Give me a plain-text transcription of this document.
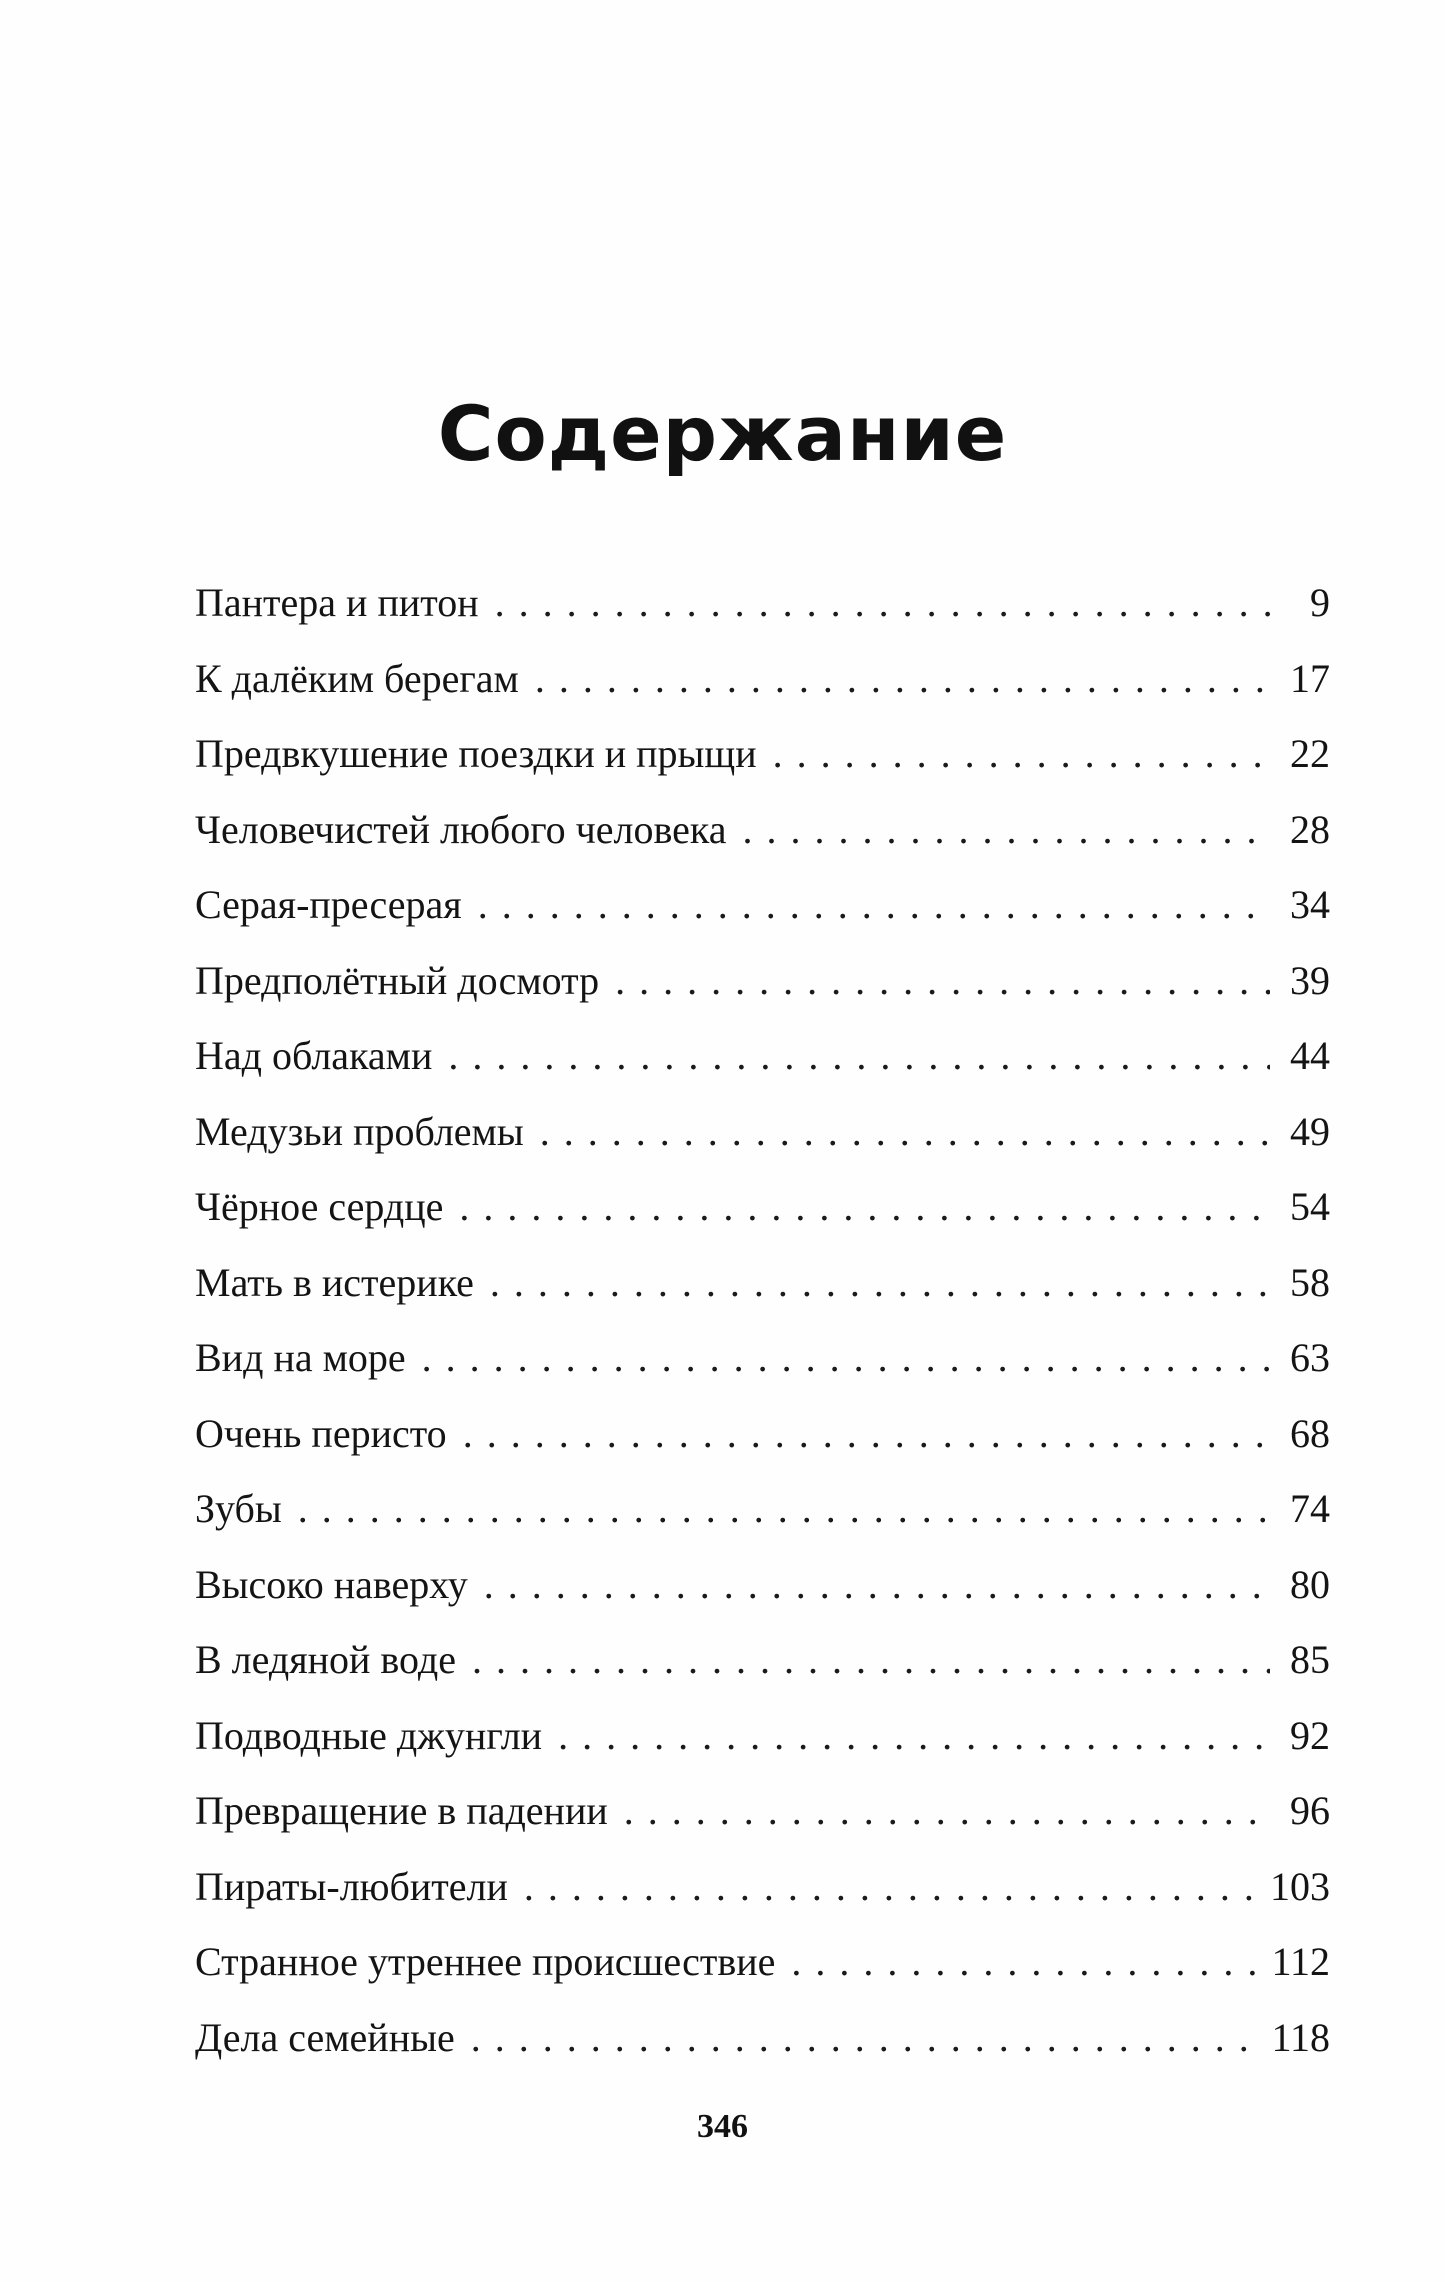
Содержание
Пантера и питон . . .	9
К далёким берегам . . .	17
Предвкушение поездки и прыщи . . .	22
Человечистей любого человека . . .	28
Серая-пресерая . . .	34
Предполётный досмотр . . .	39
Над облаками . . .	44
Медузьи проблемы . . .	49
Чёрное сердце . . .	54
Мать в истерике . . .	58
Вид на море . . .	63
Очень перисто . . .	68
Зубы . . .	74
Высоко наверху . . .	80
В ледяной воде . . .	85
Подводные джунгли . . .	92
Превращение в падении . . .	96
Пираты-любители . . .	103
Странное утреннее происшествие . . .	112
Дела семейные . . .	118
346
